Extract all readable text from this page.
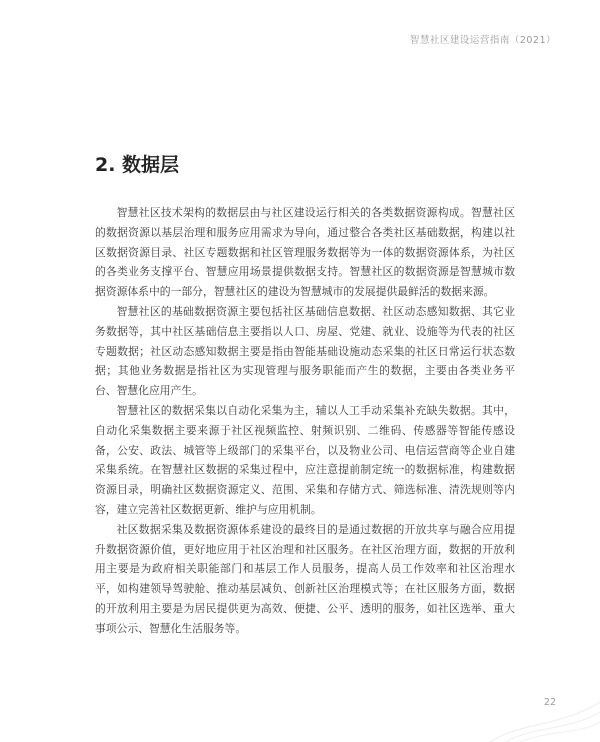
智慧社区建设运营指南（2021）
2. 数据层

智慧社区技术架构的数据层由与社区建设运行相关的各类数据资源构成。智慧社区的数据资源以基层治理和服务应用需求为导向，通过整合各类社区基础数据，构建以社区数据资源目录、社区专题数据和社区管理服务数据等为一体的数据资源体系，为社区的各类业务支撑平台、智慧应用场景提供数据支持。智慧社区的数据资源是智慧城市数据资源体系中的一部分，智慧社区的建设为智慧城市的发展提供最鲜活的数据来源。

智慧社区的基础数据资源主要包括社区基础信息数据、社区动态感知数据、其它业务数据等，其中社区基础信息主要指以人口、房屋、党建、就业、设施等为代表的社区专题数据；社区动态感知数据主要是指由智能基础设施动态采集的社区日常运行状态数据；其他业务数据是指社区为实现管理与服务职能而产生的数据，主要由各类业务平台、智慧化应用产生。

智慧社区的数据采集以自动化采集为主，辅以人工手动采集补充缺失数据。其中，自动化采集数据主要来源于社区视频监控、射频识别、二维码、传感器等智能传感设备，公安、政法、城管等上级部门的采集平台，以及物业公司、电信运营商等企业自建采集系统。在智慧社区数据的采集过程中，应注意提前制定统一的数据标准，构建数据资源目录，明确社区数据资源定义、范围、采集和存储方式、筛选标准、清洗规则等内容，建立完善社区数据更新、维护与应用机制。

社区数据采集及数据资源体系建设的最终目的是通过数据的开放共享与融合应用提升数据资源价值，更好地应用于社区治理和社区服务。在社区治理方面，数据的开放利用主要是为政府相关职能部门和基层工作人员服务，提高人员工作效率和社区治理水平，如构建领导驾驶舱、推动基层减负、创新社区治理模式等；在社区服务方面，数据的开放利用主要是为居民提供更为高效、便捷、公平、透明的服务，如社区选举、重大事项公示、智慧化生活服务等。

22
